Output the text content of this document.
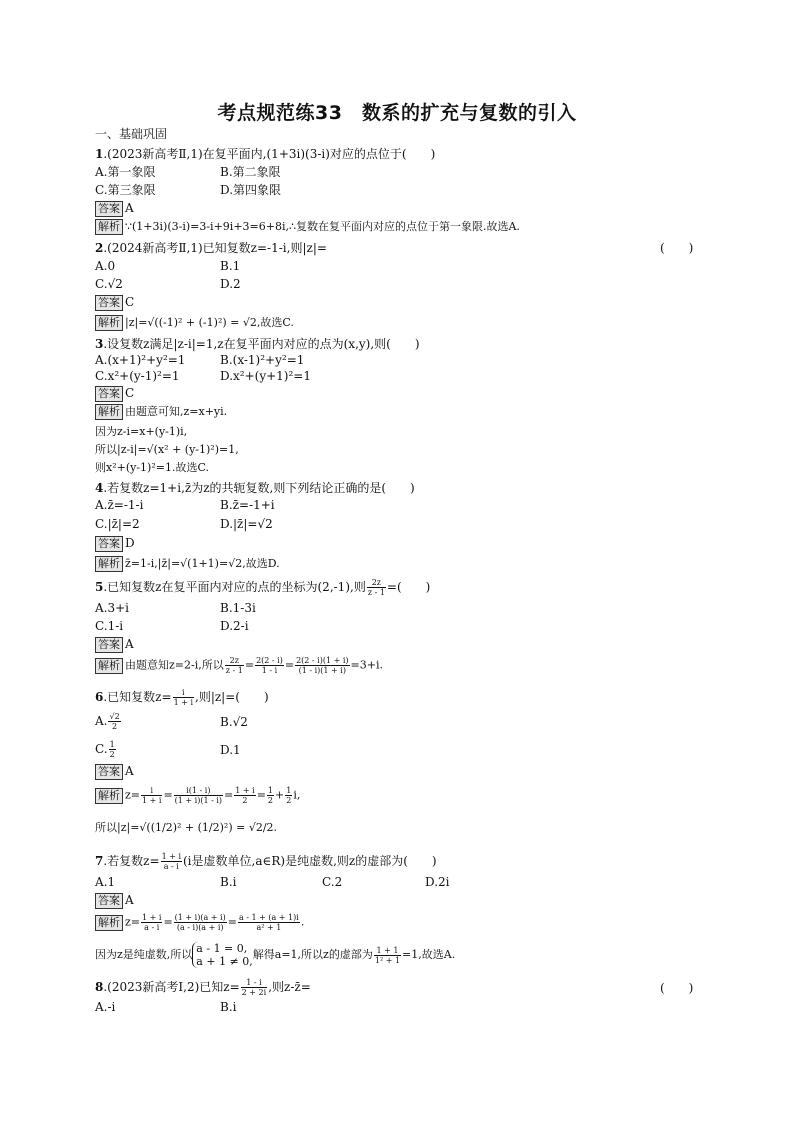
考点规范练33　数系的扩充与复数的引入
一、基础巩固
1.(2023新高考Ⅱ,1)在复平面内,(1+3i)(3-i)对应的点位于(　　)
A.第一象限	B.第二象限
C.第三象限	D.第四象限
答案 A
解析 ∵(1+3i)(3-i)=3-i+9i+3=6+8i,∴复数在复平面内对应的点位于第一象限.故选A.
2.(2024新高考Ⅱ,1)已知复数z=-1-i,则|z|=	(　　)
A.0	B.1
C.√2	D.2
答案 C
解析 |z|=√((-1)² + (-1)²) = √2,故选C.
3.设复数z满足|z-i|=1,z在复平面内对应的点为(x,y),则(　　)
A.(x+1)²+y²=1	B.(x-1)²+y²=1
C.x²+(y-1)²=1	D.x²+(y+1)²=1
答案 C
解析 由题意可知,z=x+yi.
因为z-i=x+(y-1)i,
所以|z-i|=√(x² + (y-1)²)=1,
则x²+(y-1)²=1.故选C.
4.若复数z=1+i,z̄为z的共轭复数,则下列结论正确的是(　　)
A.z̄=-1-i	B.z̄=-1+i
C.|z̄|=2	D.|z̄|=√2
答案 D
解析 z̄=1-i,|z̄|=√(1+1)=√2,故选D.
5.已知复数z在复平面内对应的点的坐标为(2,-1),则 $\frac{2z}{z - 1}$ =(　　)
A.3+i	B.1-3i
C.1-i	D.2-i
答案 A
解析 由题意知z=2-i,所以 $\frac{2z}{z - 1} = \frac{2(2 - i)}{1 - i} = \frac{2(2 - i)(1 + i)}{(1 - i)(1 + i)} =3+i$.
6.已知复数$z= \frac{i}{1 + i}$ ,则|z|=(　　)
A. $\frac{√2}{2}$	B.√2
C. $\frac{1}{2}$	D.1
答案 A
解析 $z= \frac{i}{1 + i} = \frac{i(1 - i)}{(1 + i)(1 - i)} = \frac{1 + i}{2} = \frac{1}{2} + \frac{1}{2} i$,
所以|z|=√((1/2)² + (1/2)²) = √2/2.
7.若复数$z= \frac{1 + i}{a - i} (i$是虚数单位,a∈R)是纯虚数,则z的虚部为(　　)
A.1	B.i	C.2	D.2i
答案 A
解析 $z= \frac{1 + i}{a - i} = \frac{(1 + i)(a + i)}{(a - i)(a + i)} = \frac{a - 1 + (a + 1)i}{\text{a² + 1}}$ .
因为z是纯虚数,所以 a - 1 = 0,
a + 1 ≠ 0,
解得a=1,所以z的虚部为 $\frac{1 + 1}{\text{1² + 1}} =1$,故选A.
8.(2023新高考Ⅰ,2)已知$z= \frac{1 - i}{2 + 2i}$ ,则z-z̄=	(　　)
A.-i	B.i
